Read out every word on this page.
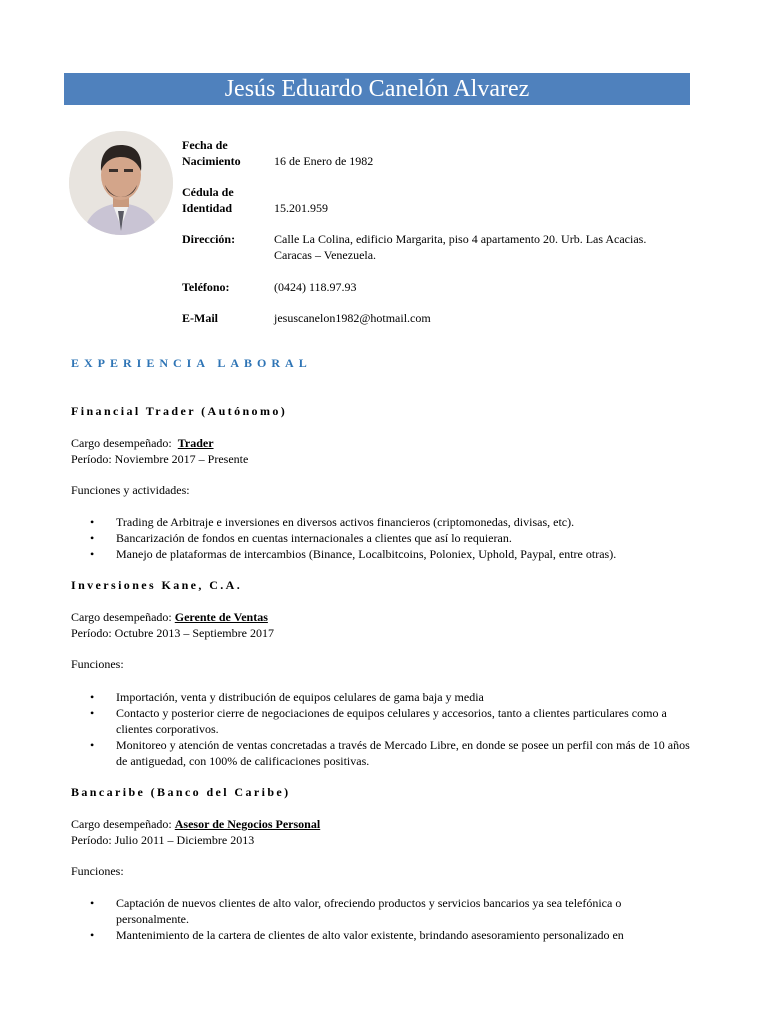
Jesús Eduardo Canelón Alvarez
Fecha de
Nacimiento	16 de Enero de 1982
Cédula de
Identidad	15.201.959
Dirección:	Calle La Colina, edificio Margarita, piso 4 apartamento 20. Urb. Las Acacias. Caracas – Venezuela.
Teléfono:	(0424) 118.97.93
E-Mail	jesuscanelon1982@hotmail.com
EXPERIENCIA LABORAL
Financial Trader (Autónomo)
Cargo desempeñado: Trader
Período: Noviembre 2017 – Presente
Funciones y actividades:
• Trading de Arbitraje e inversiones en diversos activos financieros (criptomonedas, divisas, etc).
• Bancarización de fondos en cuentas internacionales a clientes que así lo requieran.
• Manejo de plataformas de intercambios (Binance, Localbitcoins, Poloniex, Uphold, Paypal, entre otras).
Inversiones Kane, C.A.
Cargo desempeñado: Gerente de Ventas
Período: Octubre 2013 – Septiembre 2017
Funciones:
• Importación, venta y distribución de equipos celulares de gama baja y media
• Contacto y posterior cierre de negociaciones de equipos celulares y accesorios, tanto a clientes particulares como a clientes corporativos.
• Monitoreo y atención de ventas concretadas a través de Mercado Libre, en donde se posee un perfil con más de 10 años de antiguedad, con 100% de calificaciones positivas.
Bancaribe (Banco del Caribe)
Cargo desempeñado: Asesor de Negocios Personal
Período: Julio 2011 – Diciembre 2013
Funciones:
• Captación de nuevos clientes de alto valor, ofreciendo productos y servicios bancarios ya sea telefónica o personalmente.
• Mantenimiento de la cartera de clientes de alto valor existente, brindando asesoramiento personalizado en
